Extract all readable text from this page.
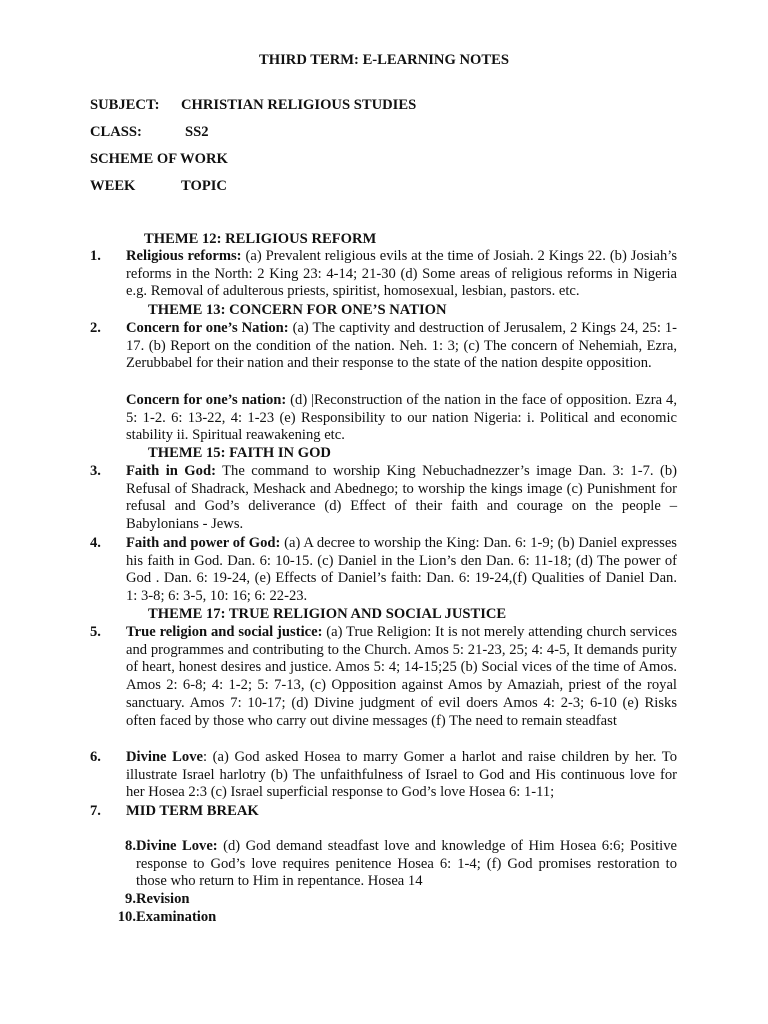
THIRD TERM: E-LEARNING NOTES
SUBJECT: CHRISTIAN RELIGIOUS STUDIES
CLASS:	SS2
SCHEME OF WORK
WEEK	TOPIC
THEME 12: RELIGIOUS REFORM
1.	Religious reforms: (a) Prevalent religious evils at the time of Josiah. 2 Kings 22. (b) Josiah’s reforms in the North: 2 King 23: 4-14; 21-30 (d) Some areas of religious reforms in Nigeria e.g. Removal of adulterous priests, spiritist, homosexual, lesbian, pastors. etc.
THEME 13: CONCERN FOR ONE’S NATION
2.	Concern for one’s Nation: (a) The captivity and destruction of Jerusalem, 2 Kings 24, 25: 1-17. (b) Report on the condition of the nation. Neh. 1: 3; (c) The concern of Nehemiah, Ezra, Zerubbabel for their nation and their response to the state of the nation despite opposition.
Concern for one’s nation: (d) |Reconstruction of the nation in the face of opposition. Ezra 4, 5: 1-2. 6: 13-22, 4: 1-23 (e) Responsibility to our nation Nigeria: i. Political and economic stability ii. Spiritual reawakening etc.
THEME 15: FAITH IN GOD
3.	Faith in God: The command to worship King Nebuchadnezzer’s image Dan. 3: 1-7. (b) Refusal of Shadrack, Meshack and Abednego; to worship the kings image (c) Punishment for refusal and God’s deliverance (d) Effect of their faith and courage on the people – Babylonians - Jews.
4.	Faith and power of God: (a) A decree to worship the King: Dan. 6: 1-9; (b) Daniel expresses his faith in God. Dan. 6: 10-15. (c) Daniel in the Lion’s den Dan. 6: 11-18; (d) The power of God . Dan. 6: 19-24, (e) Effects of Daniel’s faith: Dan. 6: 19-24,(f) Qualities of Daniel Dan. 1: 3-8; 6: 3-5, 10: 16; 6: 22-23.
THEME 17: TRUE RELIGION AND SOCIAL JUSTICE
5.	True religion and social justice: (a) True Religion: It is not merely attending church services and programmes and contributing to the Church. Amos 5: 21-23, 25; 4: 4-5, It demands purity of heart, honest desires and justice. Amos 5: 4; 14-15;25 (b) Social vices of the time of Amos. Amos 2: 6-8; 4: 1-2; 5: 7-13, (c) Opposition against Amos by Amaziah, priest of the royal sanctuary. Amos 7: 10-17; (d) Divine judgment of evil doers Amos 4: 2-3; 6-10 (e) Risks often faced by those who carry out divine messages (f) The need to remain steadfast
6.	Divine Love: (a) God asked Hosea to marry Gomer a harlot and raise children by her. To illustrate Israel harlotry (b) The unfaithfulness of Israel to God and His continuous love for her Hosea 2:3 (c) Israel superficial response to God’s love Hosea 6: 1-11;
7.	MID TERM BREAK
8. Divine Love: (d) God demand steadfast love and knowledge of Him Hosea 6:6; Positive response to God’s love requires penitence Hosea 6: 1-4; (f) God promises restoration to those who return to Him in repentance. Hosea 14
9. Revision
10. Examination
